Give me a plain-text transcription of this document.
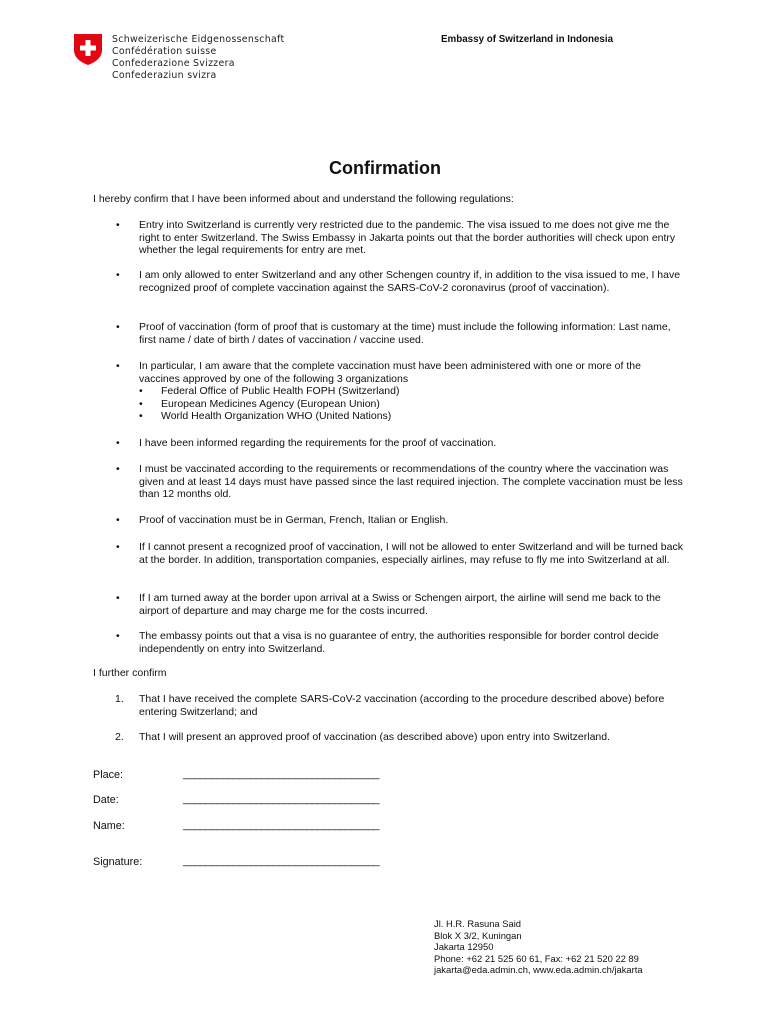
Schweizerische Eidgenossenschaft
Confédération suisse
Confederazione Svizzera
Confederaziun svizra
Embassy of Switzerland in Indonesia
Confirmation
I hereby confirm that I have been informed about and understand the following regulations:
• Entry into Switzerland is currently very restricted due to the pandemic. The visa issued to me does not give me the right to enter Switzerland. The Swiss Embassy in Jakarta points out that the border authorities will check upon entry whether the legal requirements for entry are met.
• I am only allowed to enter Switzerland and any other Schengen country if, in addition to the visa issued to me, I have recognized proof of complete vaccination against the SARS-CoV-2 coronavirus (proof of vaccination).
• Proof of vaccination (form of proof that is customary at the time) must include the following information: Last name, first name / date of birth / dates of vaccination / vaccine used.
• In particular, I am aware that the complete vaccination must have been administered with one or more of the vaccines approved by one of the following 3 organizations
• Federal Office of Public Health FOPH (Switzerland)
• European Medicines Agency (European Union)
• World Health Organization WHO (United Nations)
• I have been informed regarding the requirements for the proof of vaccination.
• I must be vaccinated according to the requirements or recommendations of the country where the vaccination was given and at least 14 days must have passed since the last required injection. The complete vaccination must be less than 12 months old.
• Proof of vaccination must be in German, French, Italian or English.
• If I cannot present a recognized proof of vaccination, I will not be allowed to enter Switzerland and will be turned back at the border. In addition, transportation companies, especially airlines, may refuse to fly me into Switzerland at all.
• If I am turned away at the border upon arrival at a Swiss or Schengen airport, the airline will send me back to the airport of departure and may charge me for the costs incurred.
• The embassy points out that a visa is no guarantee of entry, the authorities responsible for border control decide independently on entry into Switzerland.
I further confirm
1. That I have received the complete SARS-CoV-2 vaccination (according to the procedure described above) before entering Switzerland; and
2. That I will present an approved proof of vaccination (as described above) upon entry into Switzerland.
Place:	___________________________________
Date:	___________________________________
Name:	___________________________________
Signature:	___________________________________
Jl. H.R. Rasuna Said
Blok X 3/2, Kuningan
Jakarta 12950
Phone: +62 21 525 60 61, Fax: +62 21 520 22 89
jakarta@eda.admin.ch, www.eda.admin.ch/jakarta
